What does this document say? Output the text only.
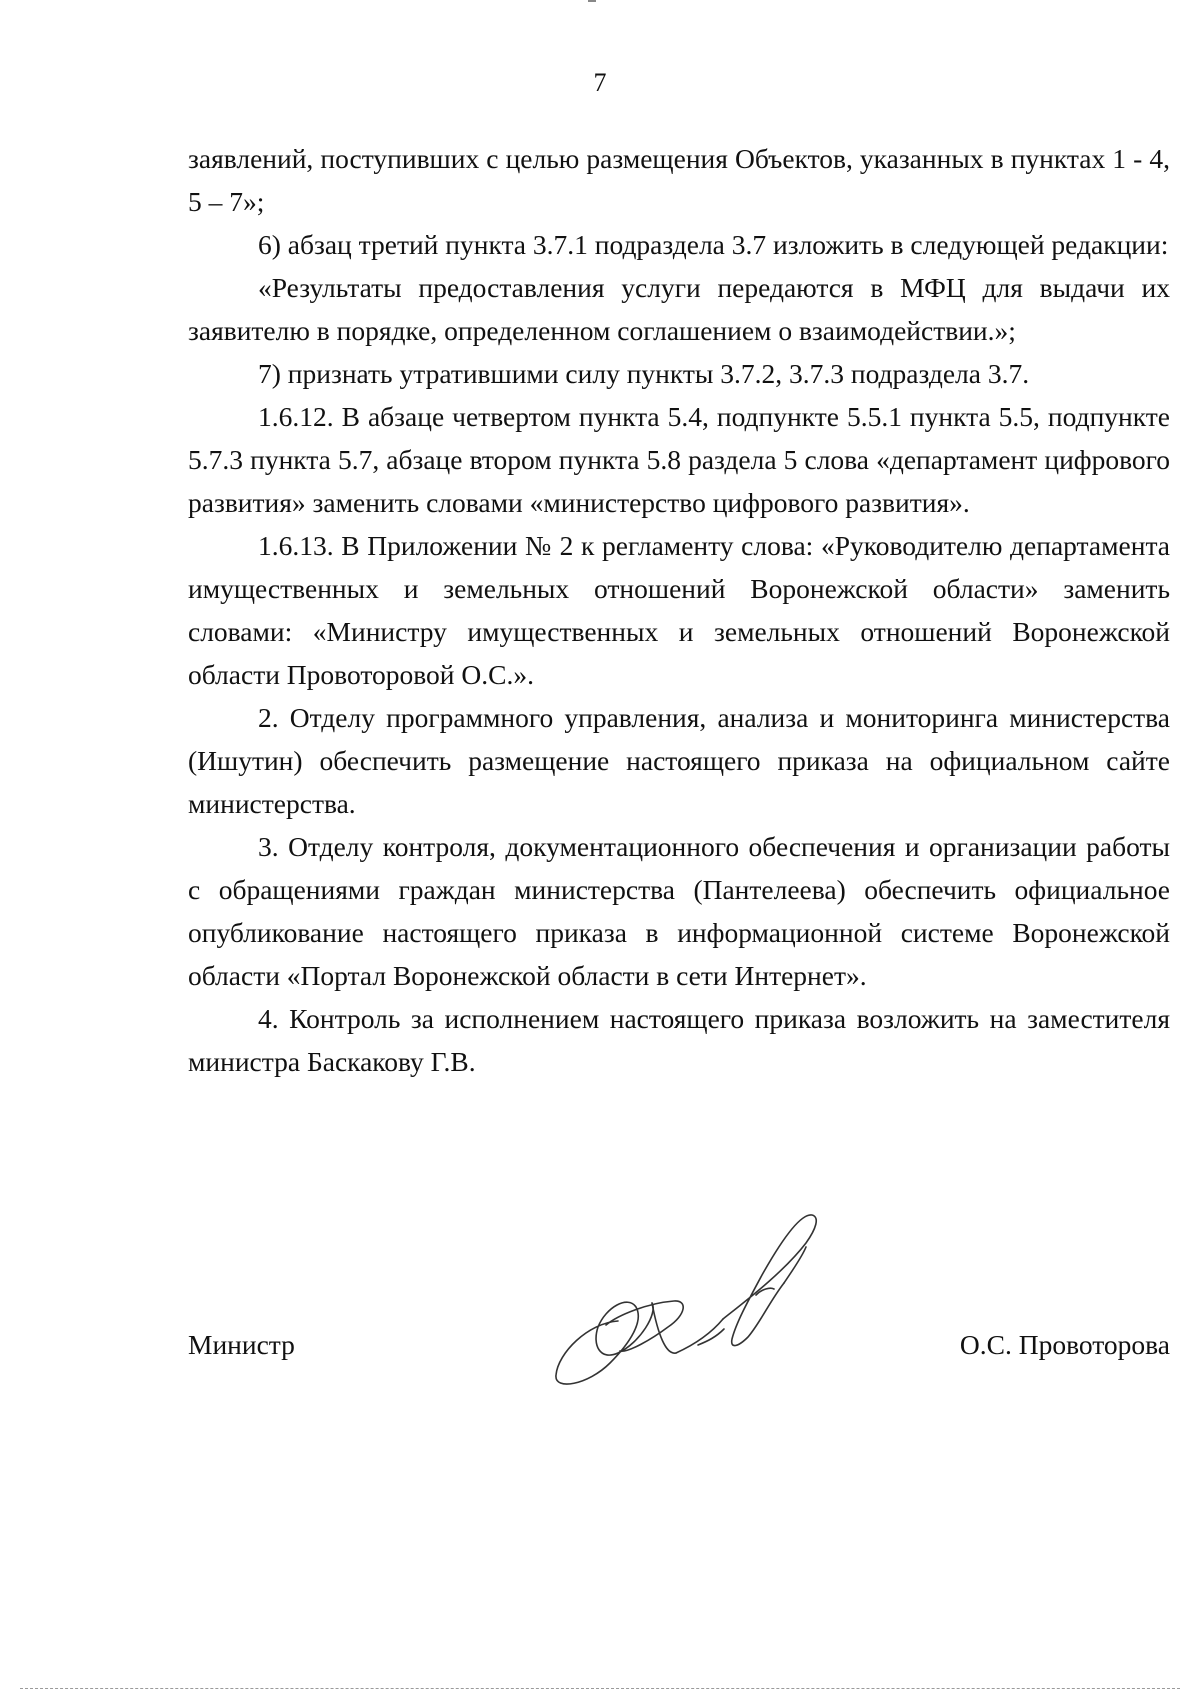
7

заявлений, поступивших с целью размещения Объектов, указанных в пунктах 1 - 4, 5 – 7»;

6) абзац третий пункта 3.7.1 подраздела 3.7 изложить в следующей редакции:

«Результаты предоставления услуги передаются в МФЦ для выдачи их заявителю в порядке, определенном соглашением о взаимодействии.»;

7) признать утратившими силу пункты 3.7.2, 3.7.3 подраздела 3.7.

1.6.12. В абзаце четвертом пункта 5.4, подпункте 5.5.1 пункта 5.5, подпункте 5.7.3 пункта 5.7, абзаце втором пункта 5.8 раздела 5 слова «департамент цифрового развития» заменить словами «министерство цифрового развития».

1.6.13. В Приложении № 2 к регламенту слова: «Руководителю департамента имущественных и земельных отношений Воронежской области» заменить словами: «Министру имущественных и земельных отношений Воронежской области Провоторовой О.С.».

2. Отделу программного управления, анализа и мониторинга министерства (Ишутин) обеспечить размещение настоящего приказа на официальном сайте министерства.

3. Отделу контроля, документационного обеспечения и организации работы с обращениями граждан министерства (Пантелеева) обеспечить официальное опубликование настоящего приказа в информационной системе Воронежской области «Портал Воронежской области в сети Интернет».

4. Контроль за исполнением настоящего приказа возложить на заместителя министра Баскакову Г.В.

Министр	О.С. Провоторова
